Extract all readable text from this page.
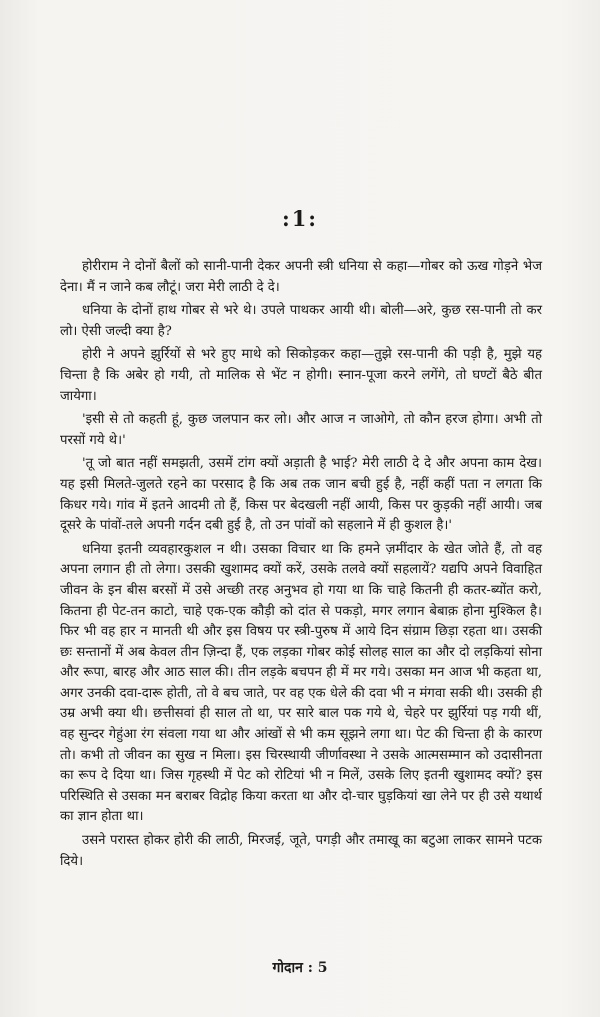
:1:

होरीराम ने दोनों बैलों को सानी-पानी देकर अपनी स्त्री धनिया से कहा—गोबर को ऊख गोड़ने भेज देना। मैं न जाने कब लौटूं। जरा मेरी लाठी दे दे।

धनिया के दोनों हाथ गोबर से भरे थे। उपले पाथकर आयी थी। बोली—अरे, कुछ रस-पानी तो कर लो। ऐसी जल्दी क्या है?

होरी ने अपने झुर्रियों से भरे हुए माथे को सिकोड़कर कहा—तुझे रस-पानी की पड़ी है, मुझे यह चिन्ता है कि अबेर हो गयी, तो मालिक से भेंट न होगी। स्नान-पूजा करने लगेंगे, तो घण्टों बैठे बीत जायेगा।

'इसी से तो कहती हूं, कुछ जलपान कर लो। और आज न जाओगे, तो कौन हरज होगा। अभी तो परसों गये थे।'

'तू जो बात नहीं समझती, उसमें टांग क्यों अड़ाती है भाई? मेरी लाठी दे दे और अपना काम देख। यह इसी मिलते-जुलते रहने का परसाद है कि अब तक जान बची हुई है, नहीं कहीं पता न लगता कि किधर गये। गांव में इतने आदमी तो हैं, किस पर बेदखली नहीं आयी, किस पर कुड़की नहीं आयी। जब दूसरे के पांवों-तले अपनी गर्दन दबी हुई है, तो उन पांवों को सहलाने में ही कुशल है।'

धनिया इतनी व्यवहारकुशल न थी। उसका विचार था कि हमने ज़मींदार के खेत जोते हैं, तो वह अपना लगान ही तो लेगा। उसकी खुशामद क्यों करें, उसके तलवे क्यों सहलायें? यद्यपि अपने विवाहित जीवन के इन बीस बरसों में उसे अच्छी तरह अनुभव हो गया था कि चाहे कितनी ही कतर-ब्योंत करो, कितना ही पेट-तन काटो, चाहे एक-एक कौड़ी को दांत से पकड़ो, मगर लगान बेबाक़ होना मुश्किल है। फिर भी वह हार न मानती थी और इस विषय पर स्त्री-पुरुष में आये दिन संग्राम छिड़ा रहता था। उसकी छः सन्तानों में अब केवल तीन ज़िन्दा हैं, एक लड़का गोबर कोई सोलह साल का और दो लड़कियां सोना और रूपा, बारह और आठ साल की। तीन लड़के बचपन ही में मर गये। उसका मन आज भी कहता था, अगर उनकी दवा-दारू होती, तो वे बच जाते, पर वह एक धेले की दवा भी न मंगवा सकी थी। उसकी ही उम्र अभी क्या थी। छत्तीसवां ही साल तो था, पर सारे बाल पक गये थे, चेहरे पर झुर्रियां पड़ गयी थीं, वह सुन्दर गेहुंआ रंग संवला गया था और आंखों से भी कम सूझने लगा था। पेट की चिन्ता ही के कारण तो। कभी तो जीवन का सुख न मिला। इस चिरस्थायी जीर्णावस्था ने उसके आत्मसम्मान को उदासीनता का रूप दे दिया था। जिस गृहस्थी में पेट को रोटियां भी न मिलें, उसके लिए इतनी खुशामद क्यों? इस परिस्थिति से उसका मन बराबर विद्रोह किया करता था और दो-चार घुड़कियां खा लेने पर ही उसे यथार्थ का ज्ञान होता था।

उसने परास्त होकर होरी की लाठी, मिरजई, जूते, पगड़ी और तमाखू का बटुआ लाकर सामने पटक दिये।

गोदान : 5
